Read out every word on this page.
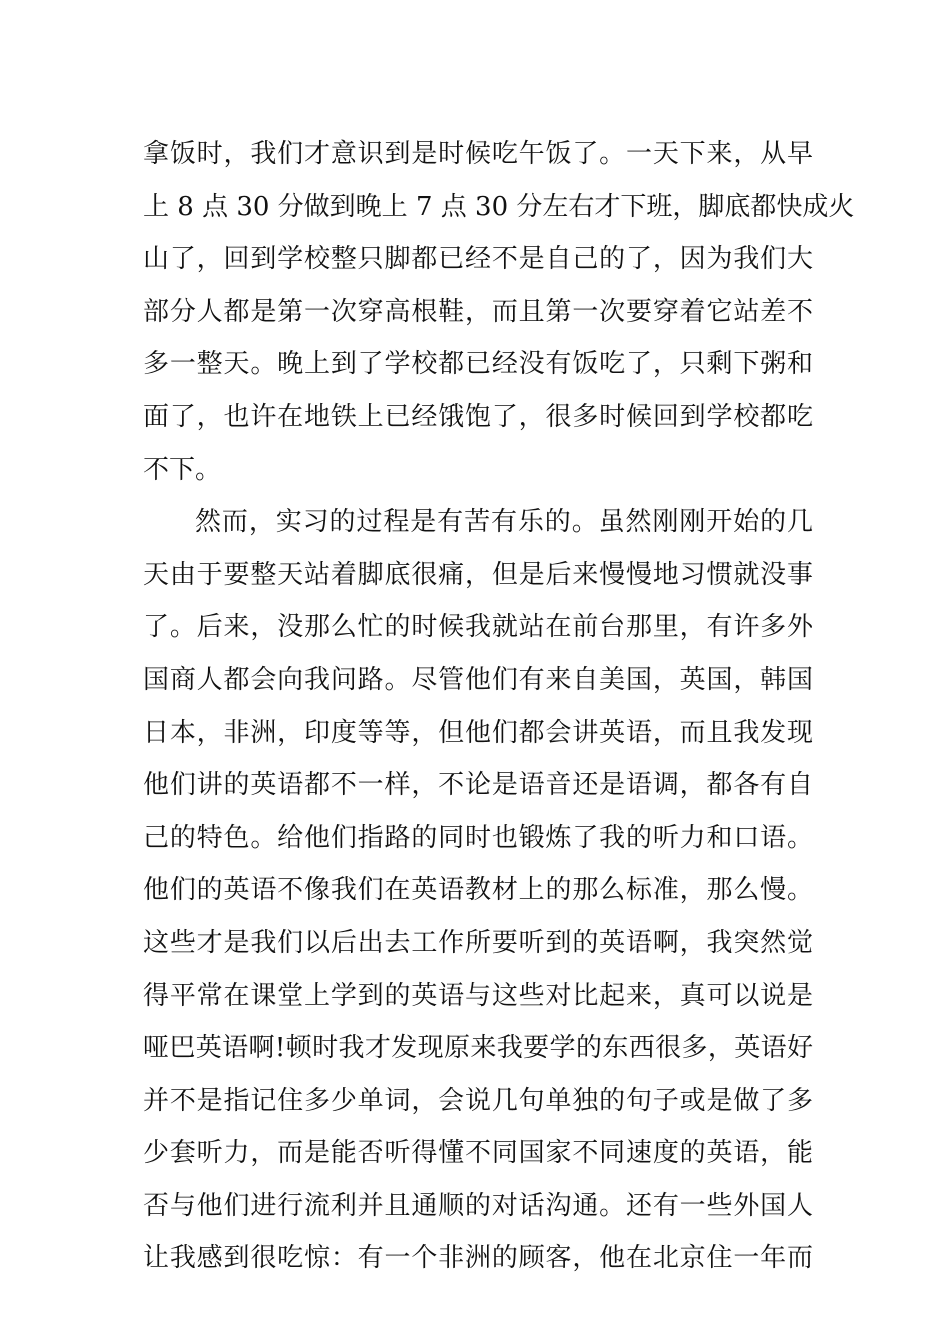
拿饭时，我们才意识到是时候吃午饭了。一天下来，从早
上 8 点 30 分做到晚上 7 点 30 分左右才下班，脚底都快成火
山了，回到学校整只脚都已经不是自己的了，因为我们大
部分人都是第一次穿高根鞋，而且第一次要穿着它站差不
多一整天。晚上到了学校都已经没有饭吃了，只剩下粥和
面了，也许在地铁上已经饿饱了，很多时候回到学校都吃
不下。
然而，实习的过程是有苦有乐的。虽然刚刚开始的几
天由于要整天站着脚底很痛，但是后来慢慢地习惯就没事
了。后来，没那么忙的时候我就站在前台那里，有许多外
国商人都会向我问路。尽管他们有来自美国，英国，韩国
日本，非洲，印度等等，但他们都会讲英语，而且我发现
他们讲的英语都不一样，不论是语音还是语调，都各有自
己的特色。给他们指路的同时也锻炼了我的听力和口语。
他们的英语不像我们在英语教材上的那么标准，那么慢。
这些才是我们以后出去工作所要听到的英语啊，我突然觉
得平常在课堂上学到的英语与这些对比起来，真可以说是
哑巴英语啊!顿时我才发现原来我要学的东西很多，英语好
并不是指记住多少单词，会说几句单独的句子或是做了多
少套听力，而是能否听得懂不同国家不同速度的英语，能
否与他们进行流利并且通顺的对话沟通。还有一些外国人
让我感到很吃惊：有一个非洲的顾客，他在北京住一年而
